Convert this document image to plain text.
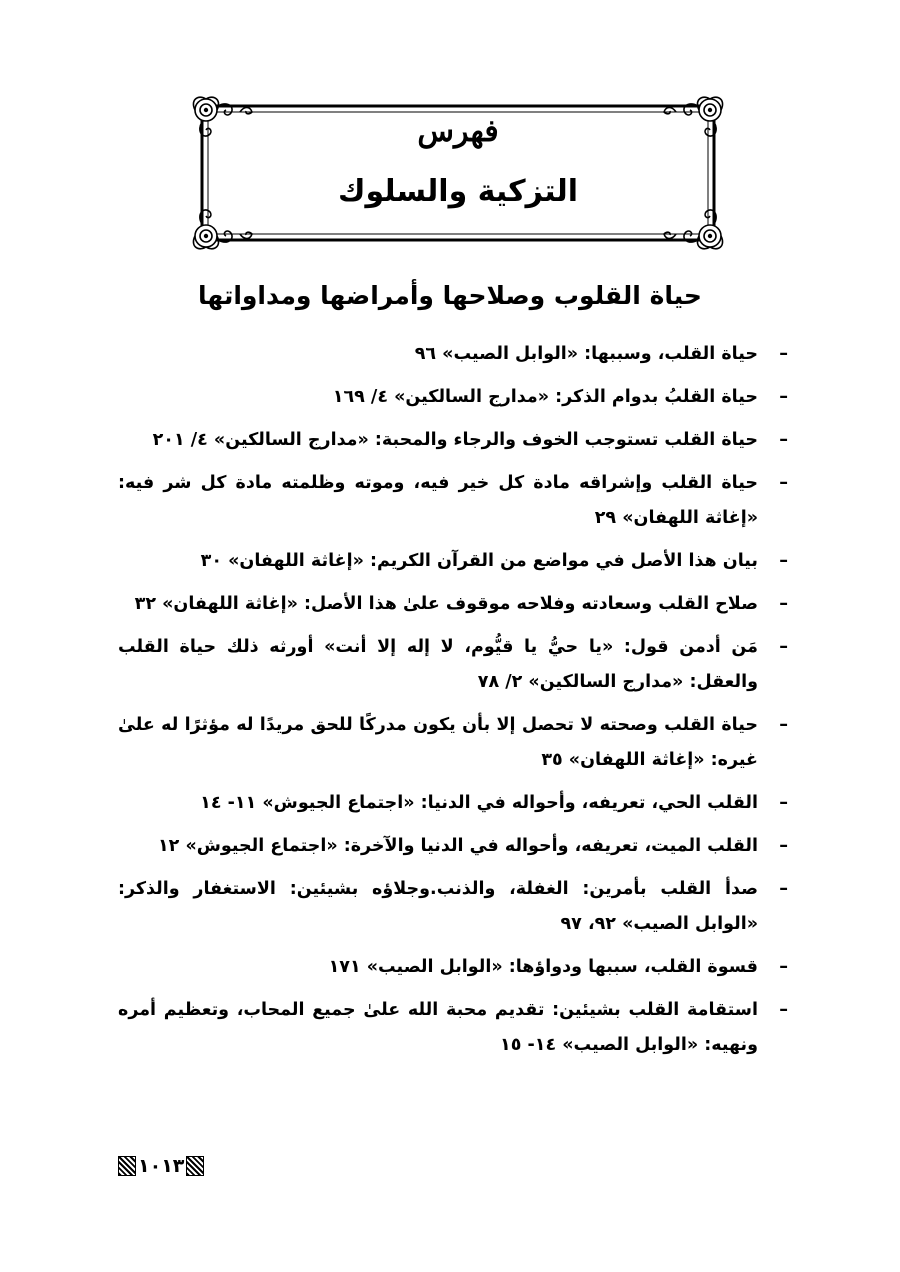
فهرس
التزكية والسلوك
حياة القلوب وصلاحها وأمراضها ومداواتها
–
حياة القلب، وسببها: «الوابل الصيب» ٩٦
–
حياة القلبُ بدوام الذكر: «مدارج السالكين» ٤/ ١٦٩
–
حياة القلب تستوجب الخوف والرجاء والمحبة: «مدارج السالكين» ٤/ ٢٠١
–
حياة القلب وإشراقه مادة كل خير فيه، وموته وظلمته مادة كل شر فيه: «إغاثة اللهفان» ٢٩
–
بيان هذا الأصل في مواضع من القرآن الكريم: «إغاثة اللهفان» ٣٠
–
صلاح القلب وسعادته وفلاحه موقوف علىٰ هذا الأصل: «إغاثة اللهفان» ٣٢
–
مَن أدمن قول: «يا حيُّ يا قيُّوم، لا إله إلا أنت» أورثه ذلك حياة القلب والعقل: «مدارج السالكين» ٢/ ٧٨
–
حياة القلب وصحته لا تحصل إلا بأن يكون مدركًا للحق مريدًا له مؤثرًا له علىٰ غيره: «إغاثة اللهفان» ٣٥
–
القلب الحي، تعريفه، وأحواله في الدنيا: «اجتماع الجيوش» ١١- ١٤
–
القلب الميت، تعريفه، وأحواله في الدنيا والآخرة: «اجتماع الجيوش» ١٢
–
صدأ القلب بأمرين: الغفلة، والذنب.وجلاؤه بشيئين: الاستغفار والذكر: «الوابل الصيب» ٩٢، ٩٧
–
قسوة القلب، سببها ودواؤها: «الوابل الصيب» ١٧١
–
استقامة القلب بشيئين: تقديم محبة الله علىٰ جميع المحاب، وتعظيم أمره ونهيه: «الوابل الصيب» ١٤- ١٥
١٠١٣
